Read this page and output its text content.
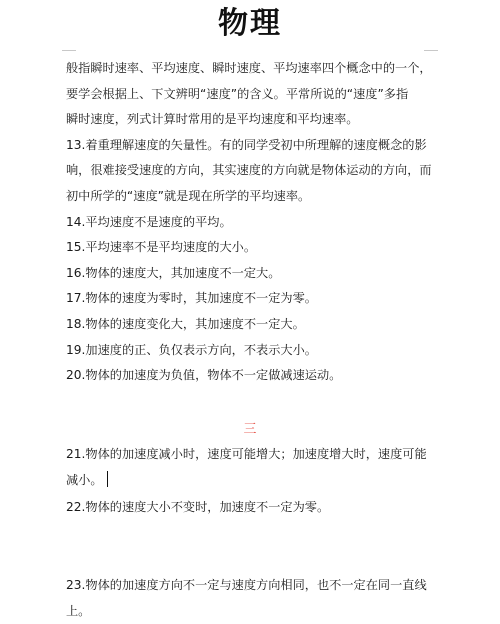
物理

般指瞬时速率、平均速度、瞬时速度、平均速率四个概念中的一个，
要学会根据上、下文辨明“速度”的含义。平常所说的“速度”多指
瞬时速度，列式计算时常用的是平均速度和平均速率。

13.着重理解速度的矢量性。有的同学受初中所理解的速度概念的影
响，很难接受速度的方向，其实速度的方向就是物体运动的方向，而
初中所学的“速度”就是现在所学的平均速率。

14.平均速度不是速度的平均。

15.平均速率不是平均速度的大小。

16.物体的速度大，其加速度不一定大。

17.物体的速度为零时，其加速度不一定为零。

18.物体的速度变化大，其加速度不一定大。

19.加速度的正、负仅表示方向，不表示大小。

20.物体的加速度为负值，物体不一定做减速运动。

三
21.物体的加速度减小时，速度可能增大；加速度增大时，速度可能
减小。
22.物体的速度大小不变时，加速度不一定为零。
23.物体的加速度方向不一定与速度方向相同，也不一定在同一直线
上。
